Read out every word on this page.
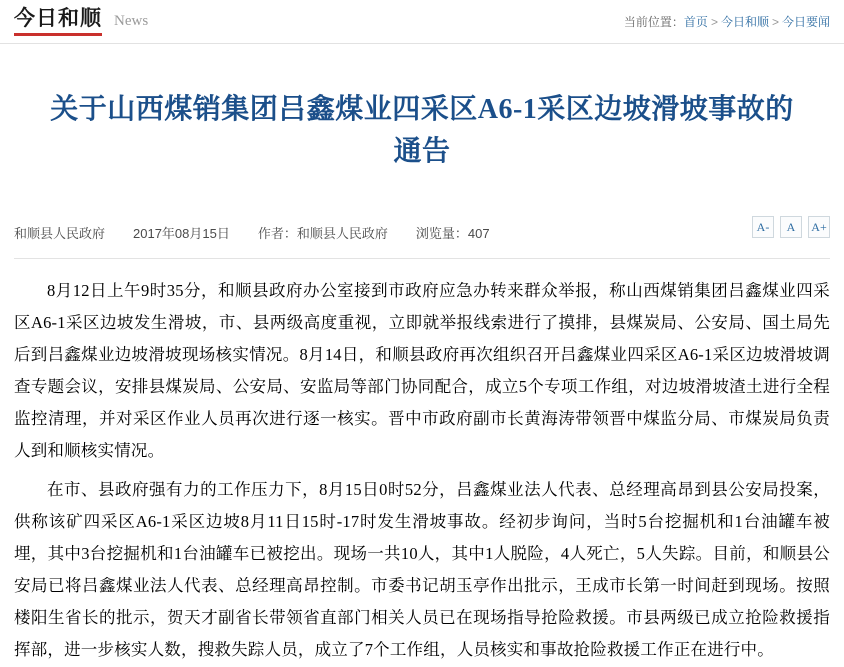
今日和顺 News	当前位置：首页 > 今日和顺 > 今日要闻
关于山西煤销集团吕鑫煤业四采区A6-1采区边坡滑坡事故的通告
和顺县人民政府 2017年08月15日 作者：和顺县人民政府 浏览量：407	A-	A	A+

8月12日上午9时35分，和顺县政府办公室接到市政府应急办转来群众举报，称山西煤销集团吕鑫煤业四采区A6-1采区边坡发生滑坡，市、县两级高度重视，立即就举报线索进行了摸排，县煤炭局、公安局、国土局先后到吕鑫煤业边坡滑坡现场核实情况。8月14日，和顺县政府再次组织召开吕鑫煤业四采区A6-1采区边坡滑坡调查专题会议，安排县煤炭局、公安局、安监局等部门协同配合，成立5个专项工作组，对边坡滑坡渣土进行全程监控清理，并对采区作业人员再次进行逐一核实。晋中市政府副市长黄海涛带领晋中煤监分局、市煤炭局负责人到和顺核实情况。

在市、县政府强有力的工作压力下，8月15日0时52分，吕鑫煤业法人代表、总经理高昂到县公安局投案，供称该矿四采区A6-1采区边坡8月11日15时-17时发生滑坡事故。经初步询问，当时5台挖掘机和1台油罐车被埋，其中3台挖掘机和1台油罐车已被挖出。现场一共10人，其中1人脱险，4人死亡，5人失踪。目前，和顺县公安局已将吕鑫煤业法人代表、总经理高昂控制。市委书记胡玉亭作出批示，王成市长第一时间赶到现场。按照楼阳生省长的批示，贺天才副省长带领省直部门相关人员已在现场指导抢险救援。市县两级已成立抢险救援指挥部，进一步核实人数，搜救失踪人员，成立了7个工作组，人员核实和事故抢险救援工作正在进行中。
